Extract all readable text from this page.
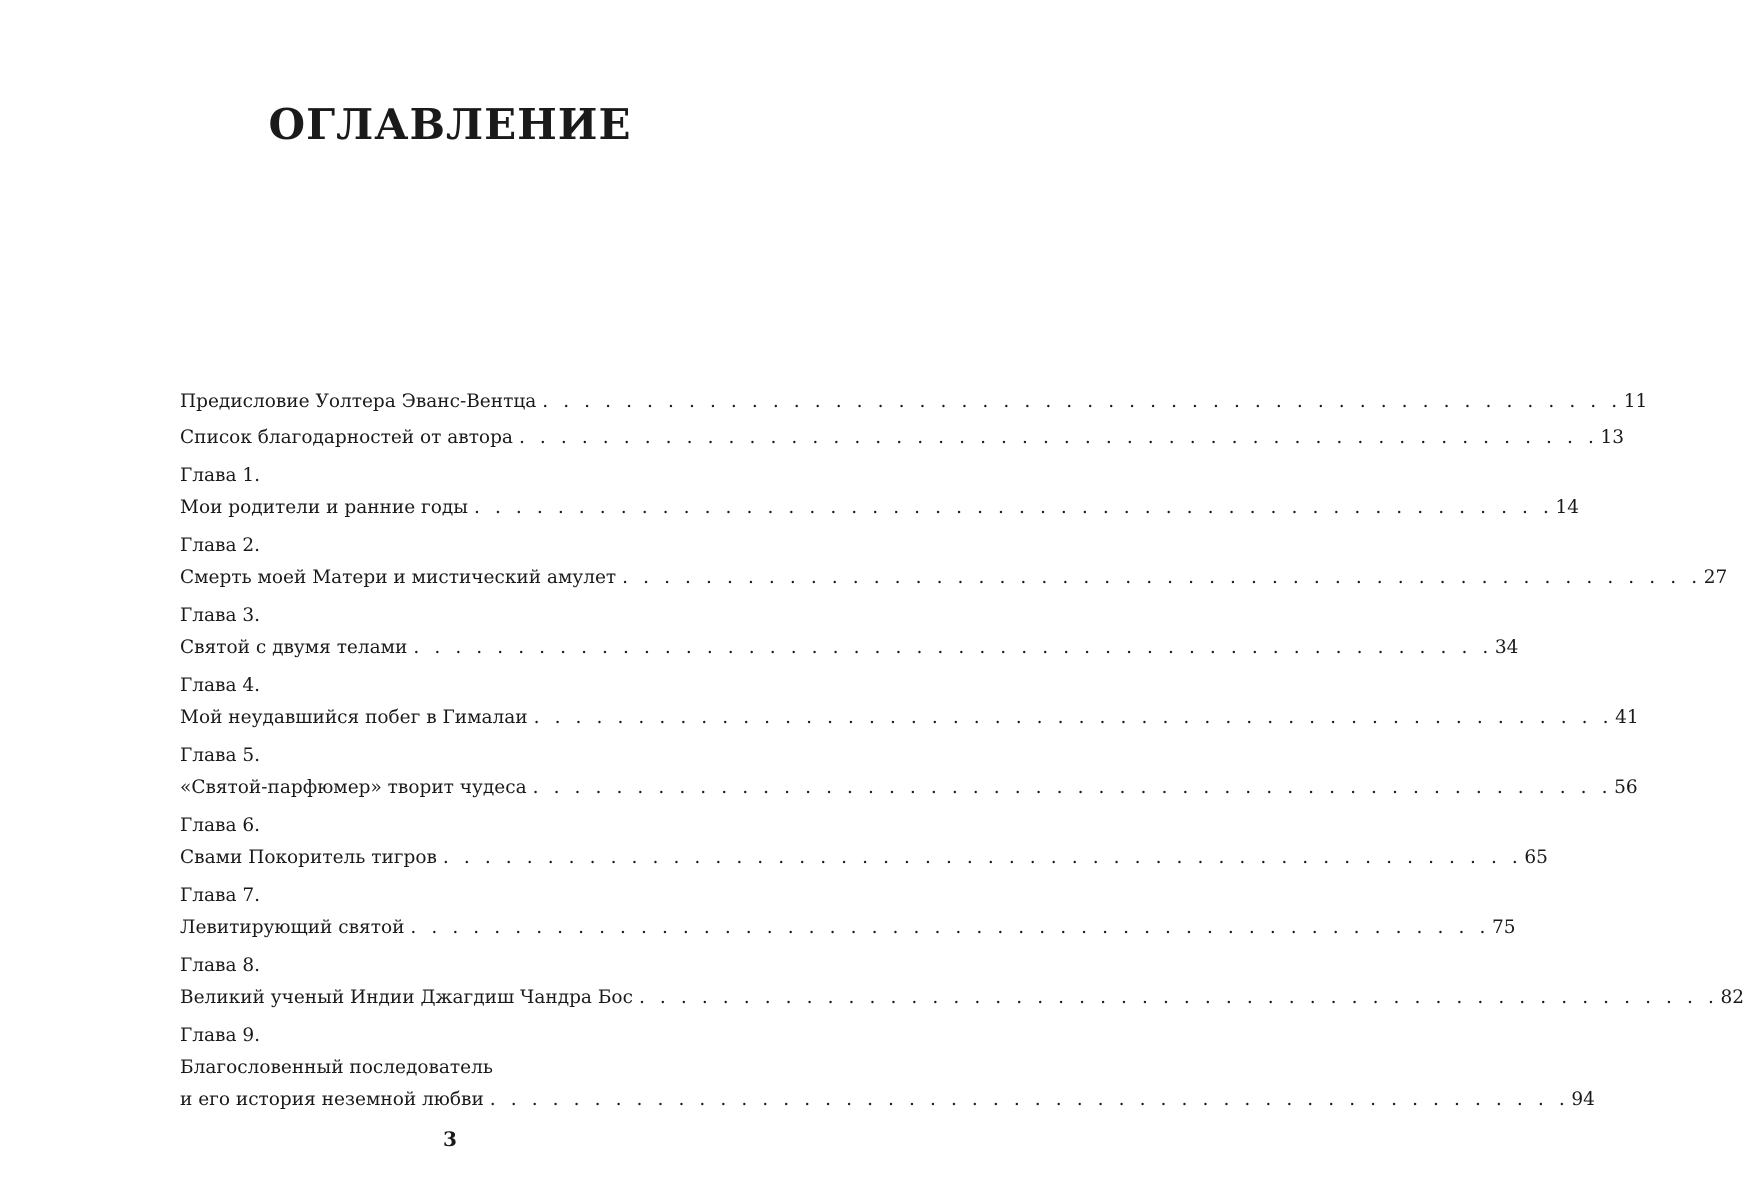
ОГЛАВЛЕНИЕ
Предисловие Уолтера Эванс-Вентца . . . . . . . . . . . . . . . . . . . . . . . . . . . . . . . . . . . . . . . . . . . . . . . . . . . . 11
Список благодарностей от автора . . . . . . . . . . . . . . . . . . . . . . . . . . . . . . . . . . . . . . . . . . . . . . . . . . . . 13
Глава 1.
Мои родители и ранние годы . . . . . . . . . . . . . . . . . . . . . . . . . . . . . . . . . . . . . . . . . . . . . . . . . . . . 14
Глава 2.
Смерть моей Матери и мистический амулет . . . . . . . . . . . . . . . . . . . . . . . . . . . . . . . . . . . . . . . . . . . . . . . . . . . . 27
Глава 3.
Святой с двумя телами . . . . . . . . . . . . . . . . . . . . . . . . . . . . . . . . . . . . . . . . . . . . . . . . . . . . 34
Глава 4.
Мой неудавшийся побег в Гималаи . . . . . . . . . . . . . . . . . . . . . . . . . . . . . . . . . . . . . . . . . . . . . . . . . . . . 41
Глава 5.
«Святой-парфюмер» творит чудеса . . . . . . . . . . . . . . . . . . . . . . . . . . . . . . . . . . . . . . . . . . . . . . . . . . . . 56
Глава 6.
Свами Покоритель тигров . . . . . . . . . . . . . . . . . . . . . . . . . . . . . . . . . . . . . . . . . . . . . . . . . . . . 65
Глава 7.
Левитирующий святой . . . . . . . . . . . . . . . . . . . . . . . . . . . . . . . . . . . . . . . . . . . . . . . . . . . . 75
Глава 8.
Великий ученый Индии Джагдиш Чандра Бос . . . . . . . . . . . . . . . . . . . . . . . . . . . . . . . . . . . . . . . . . . . . . . . . . . . . 82
Глава 9.
Благословенный последователь
и его история неземной любви . . . . . . . . . . . . . . . . . . . . . . . . . . . . . . . . . . . . . . . . . . . . . . . . . . . . 94
3
